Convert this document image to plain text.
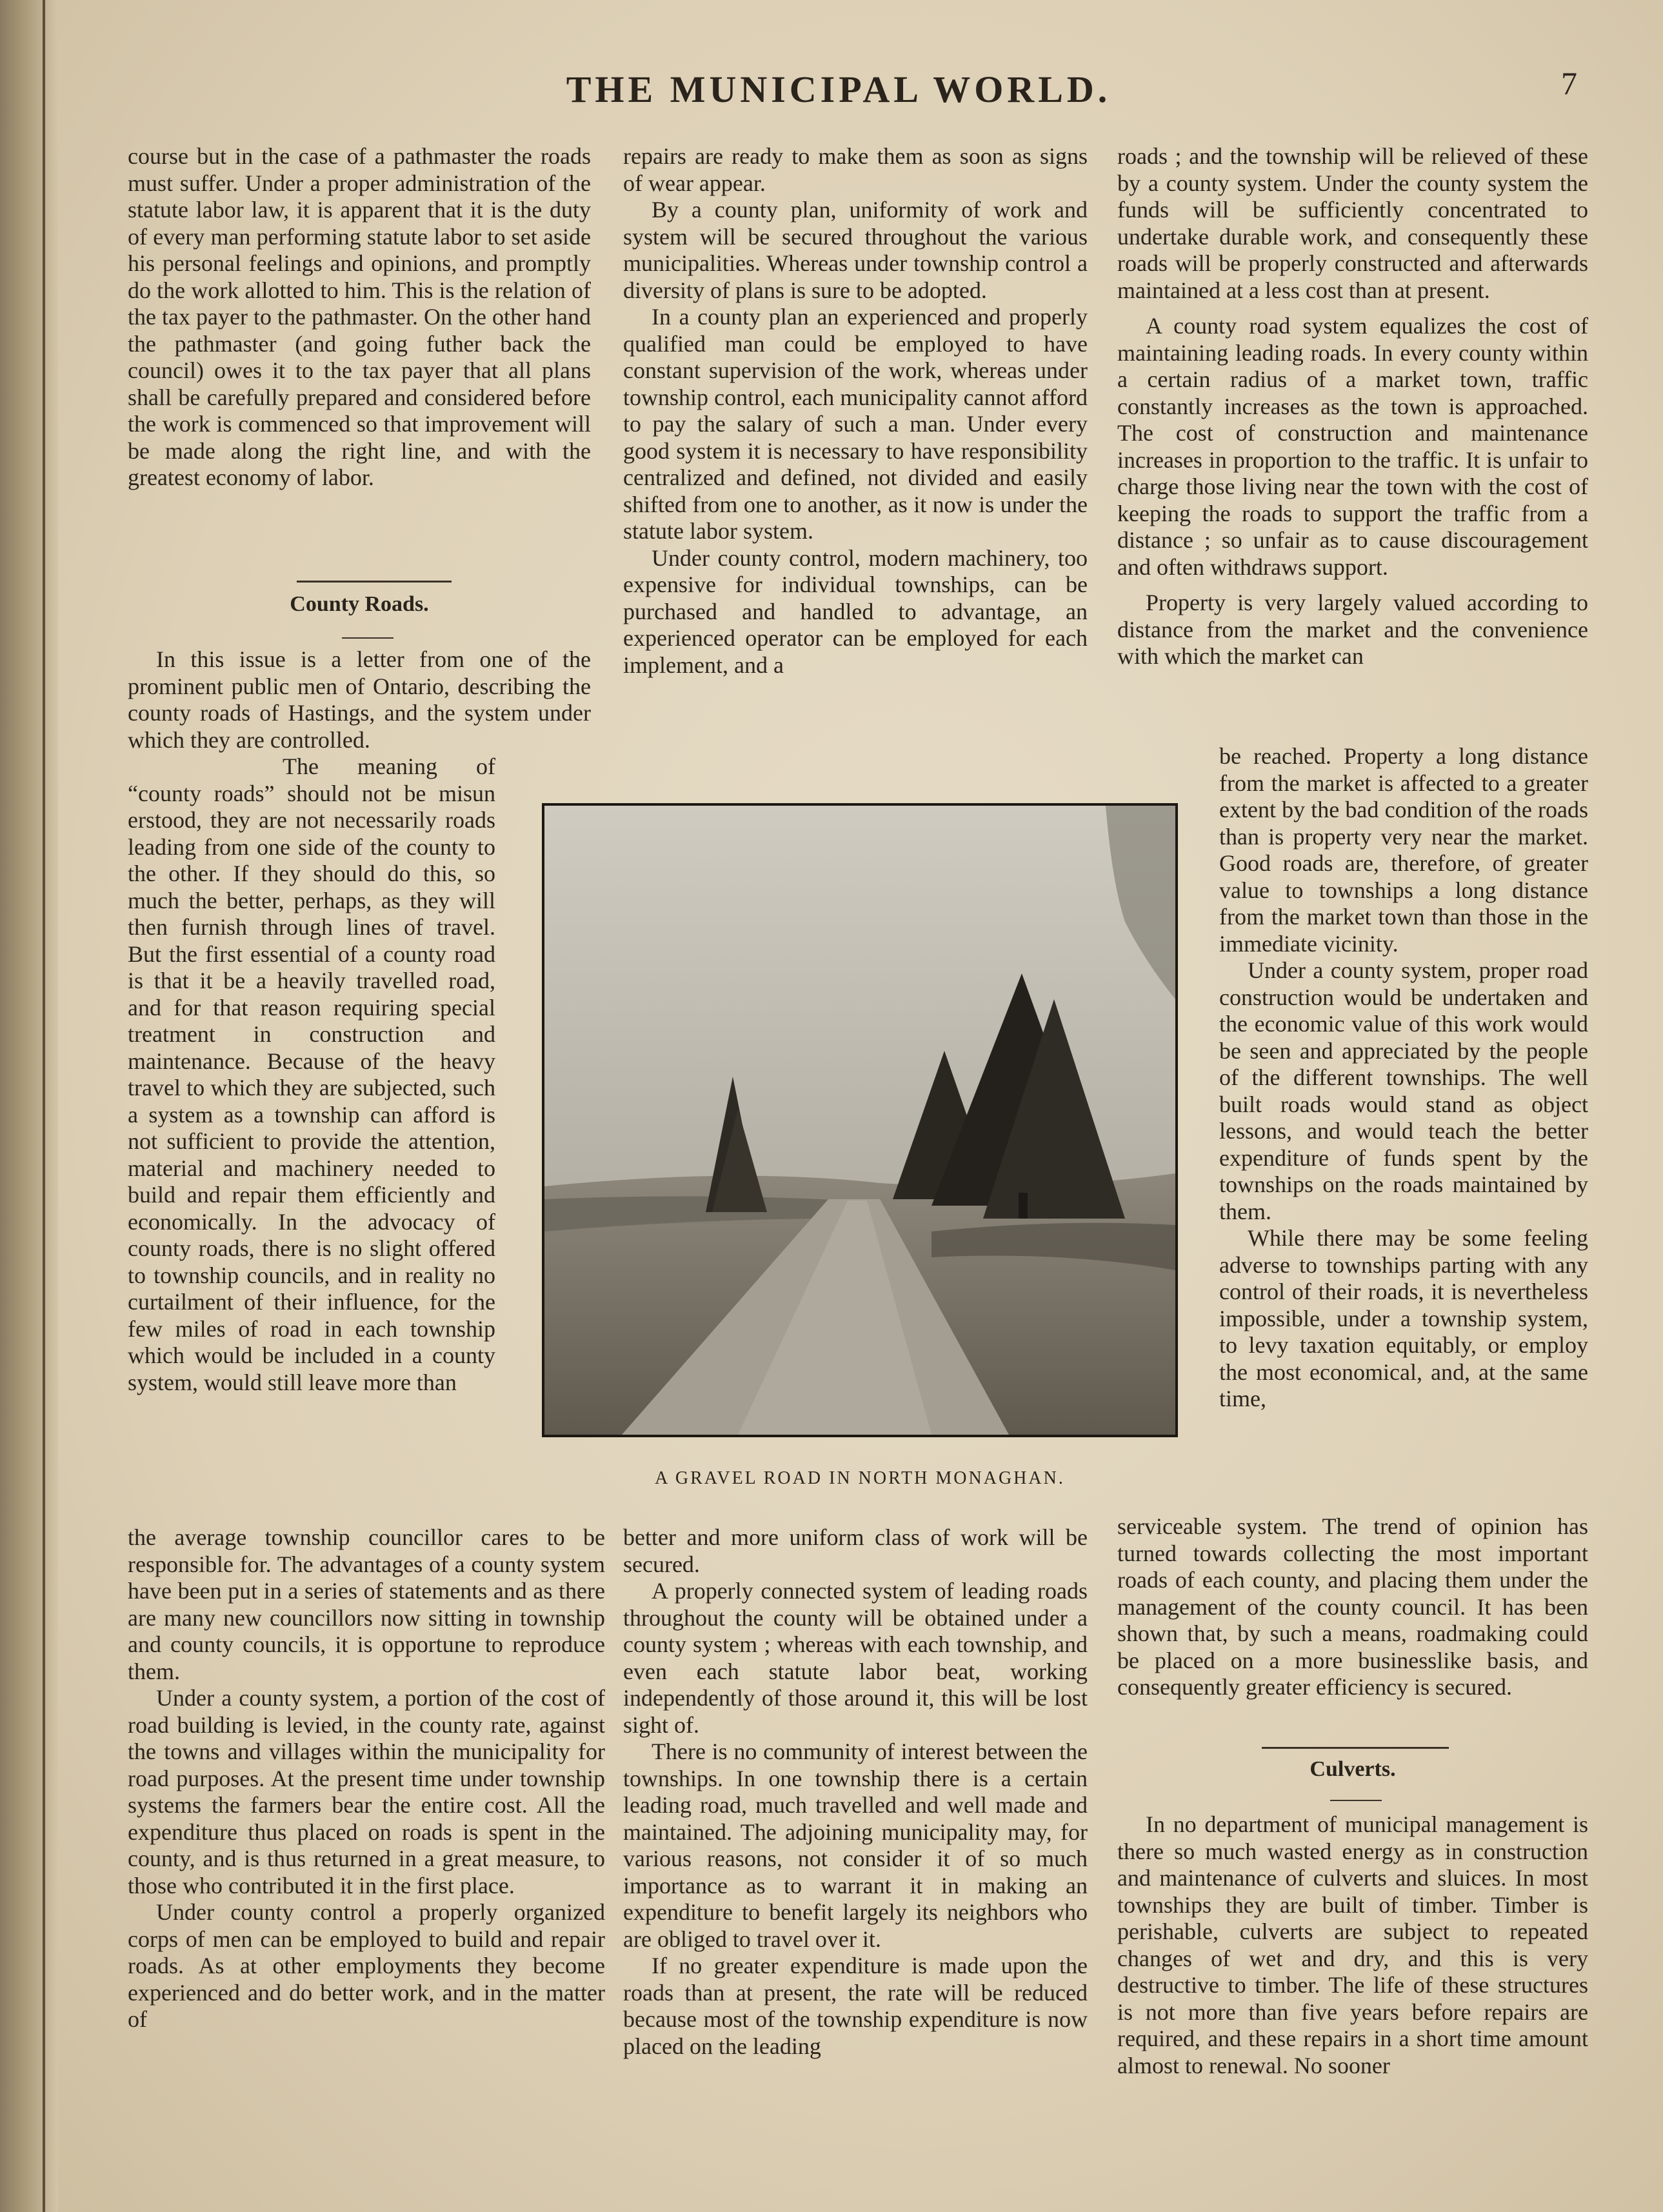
THE MUNICIPAL WORLD.	7

course but in the case of a pathmaster the roads must suffer. Under a proper administration of the statute labor law, it is apparent that it is the duty of every man performing statute labor to set aside his personal feelings and opinions, and promptly do the work allotted to him. This is the relation of the tax payer to the pathmaster. On the other hand the pathmaster (and going futher back the council) owes it to the tax payer that all plans shall be carefully prepared and considered before the work is commenced so that improvement will be made along the right line, and with the greatest economy of labor.

County Roads.

In this issue is a letter from one of the prominent public men of Ontario, describing the county roads of Hastings, and the system under which they are controlled.

The meaning of “county roads” should not be misun erstood, they are not necessarily roads leading from one side of the county to the other. If they should do this, so much the better, perhaps, as they will then furnish through lines of travel. But the first essential of a county road is that it be a heavily travelled road, and for that reason requiring special treatment in construction and maintenance. Because of the heavy travel to which they are subjected, such a system as a township can afford is not sufficient to provide the attention, material and machinery needed to build and repair them efficiently and economically. In the advocacy of county roads, there is no slight offered to township councils, and in reality no curtailment of their influence, for the few miles of road in each township which would be included in a county system, would still leave more than

the average township councillor cares to be responsible for. The advantages of a county system have been put in a series of statements and as there are many new councillors now sitting in township and county councils, it is opportune to reproduce them.

Under a county system, a portion of the cost of road building is levied, in the county rate, against the towns and villages within the municipality for road purposes. At the present time under township systems the farmers bear the entire cost. All the expenditure thus placed on roads is spent in the county, and is thus returned in a great measure, to those who contributed it in the first place.

Under county control a properly organized corps of men can be employed to build and repair roads. As at other employments they become experienced and do better work, and in the matter of

repairs are ready to make them as soon as signs of wear appear.

By a county plan, uniformity of work and system will be secured throughout the various municipalities. Whereas under township control a diversity of plans is sure to be adopted.

In a county plan an experienced and properly qualified man could be employed to have constant supervision of the work, whereas under township control, each municipality cannot afford to pay the salary of such a man. Under every good system it is necessary to have responsibility centralized and defined, not divided and easily shifted from one to another, as it now is under the statute labor system.

Under county control, modern machinery, too expensive for individual townships, can be purchased and handled to advantage, an experienced operator can be employed for each implement, and a

A GRAVEL ROAD IN NORTH MONAGHAN.

better and more uniform class of work will be secured.

A properly connected system of leading roads throughout the county will be obtained under a county system ; whereas with each township, and even each statute labor beat, working independently of those around it, this will be lost sight of.

There is no community of interest between the townships. In one township there is a certain leading road, much travelled and well made and maintained. The adjoining municipality may, for various reasons, not consider it of so much importance as to warrant it in making an expenditure to benefit largely its neighbors who are obliged to travel over it.

If no greater expenditure is made upon the roads than at present, the rate will be reduced because most of the township expenditure is now placed on the leading

roads ; and the township will be relieved of these by a county system. Under the county system the funds will be sufficiently concentrated to undertake durable work, and consequently these roads will be properly constructed and afterwards maintained at a less cost than at present.

A county road system equalizes the cost of maintaining leading roads. In every county within a certain radius of a market town, traffic constantly increases as the town is approached. The cost of construction and maintenance increases in proportion to the traffic. It is unfair to charge those living near the town with the cost of keeping the roads to support the traffic from a distance ; so unfair as to cause discouragement and often withdraws support.

Property is very largely valued according to distance from the market and the convenience with which the market can

be reached. Property a long distance from the market is affected to a greater extent by the bad condition of the roads than is property very near the market. Good roads are, therefore, of greater value to townships a long distance from the market town than those in the immediate vicinity.

Under a county system, proper road construction would be undertaken and the economic value of this work would be seen and appreciated by the people of the different townships. The well built roads would stand as object lessons, and would teach the better expenditure of funds spent by the townships on the roads maintained by them.

While there may be some feeling adverse to townships parting with any control of their roads, it is nevertheless impossible, under a township system, to levy taxation equitably, or employ the most economical, and, at the same time,

serviceable system. The trend of opinion has turned towards collecting the most important roads of each county, and placing them under the management of the county council. It has been shown that, by such a means, roadmaking could be placed on a more businesslike basis, and consequently greater efficiency is secured.

Culverts.

In no department of municipal management is there so much wasted energy as in construction and maintenance of culverts and sluices. In most townships they are built of timber. Timber is perishable, culverts are subject to repeated changes of wet and dry, and this is very destructive to timber. The life of these structures is not more than five years before repairs are required, and these repairs in a short time amount almost to renewal. No sooner
